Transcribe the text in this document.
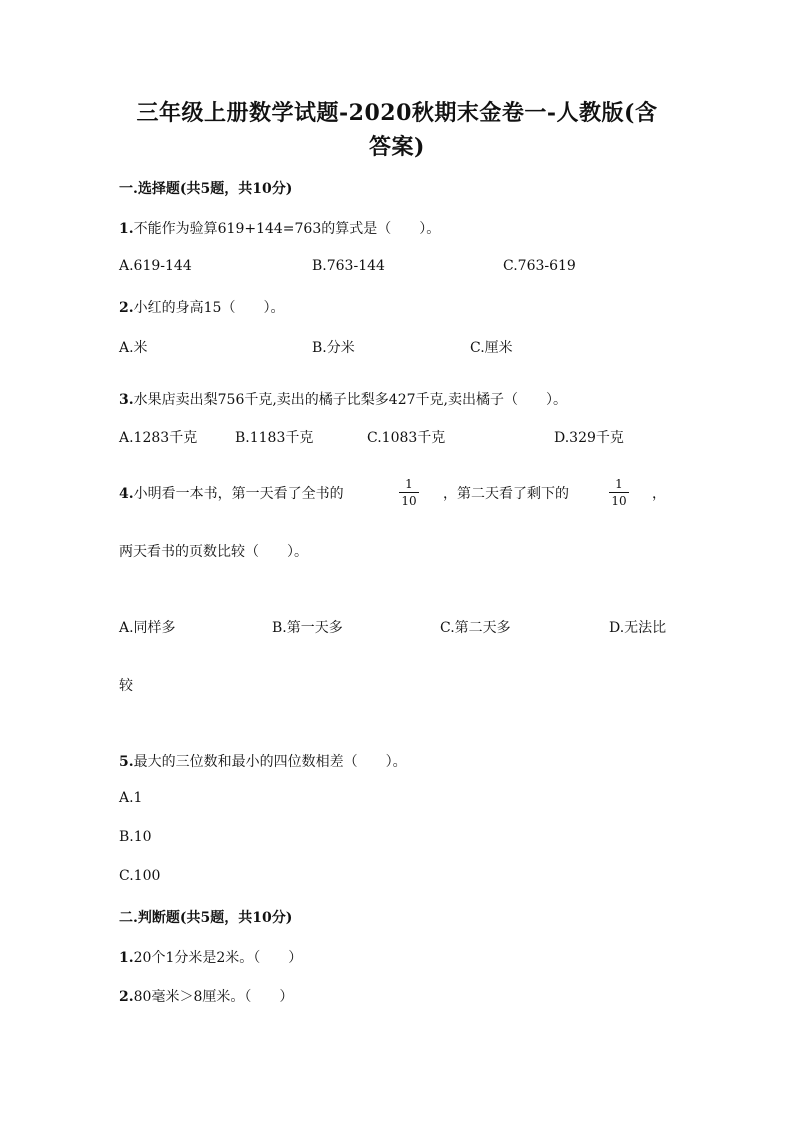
三年级上册数学试题-2020秋期末金卷一-人教版(含
答案)
一.选择题(共5题，共10分)
1.不能作为验算619+144=763的算式是（　　）。
A.619-144	B.763-144	C.763-619
2.小红的身高15（　　）。
A.米	B.分米	C.厘米
3.水果店卖出梨756千克,卖出的橘子比梨多427千克,卖出橘子（　　）。
A.1283千克	B.1183千克	C.1083千克	D.329千克
4.小明看一本书，第一天看了全书的
1
10	，第二天看了剩下的
1
10	，
两天看书的页数比较（　　）。
A.同样多	B.第一天多	C.第二天多	D.无法比
较
5.最大的三位数和最小的四位数相差（　　）。
A.1
B.10
C.100
二.判断题(共5题，共10分)
1.20个1分米是2米。（　　）
2.80毫米＞8厘米。（　　）
